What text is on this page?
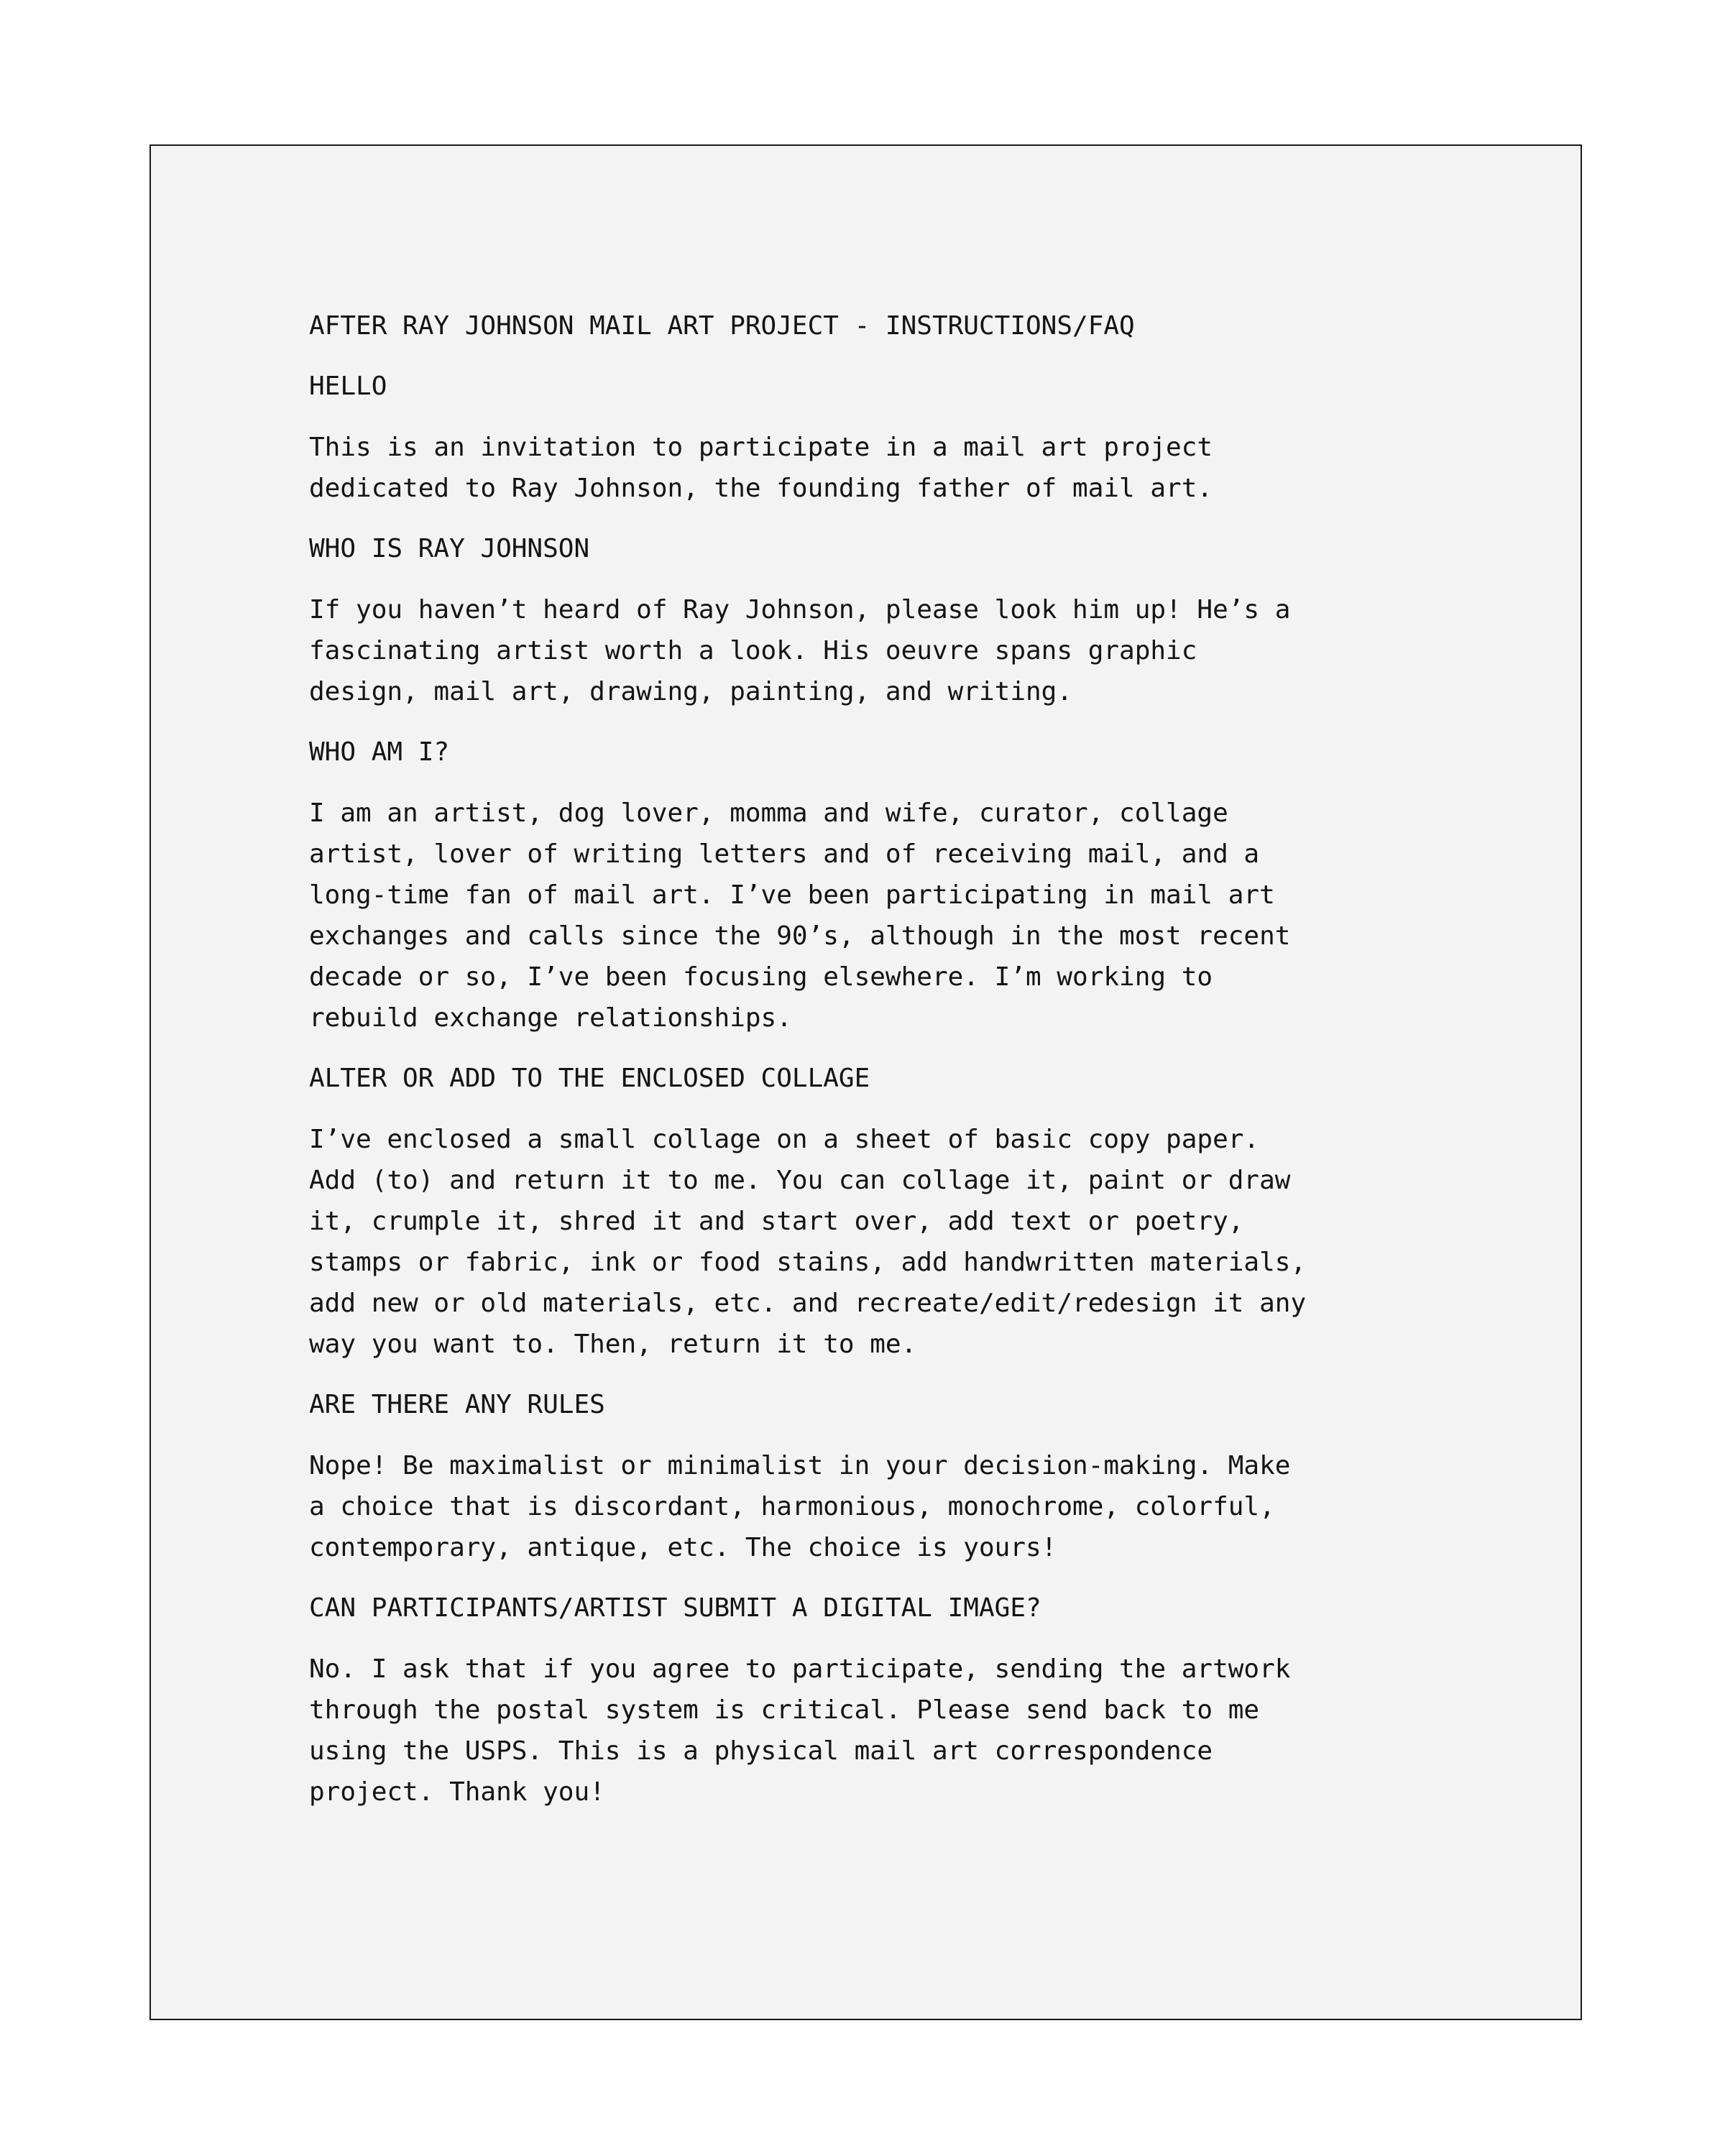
AFTER RAY JOHNSON MAIL ART PROJECT - INSTRUCTIONS/FAQ
HELLO

This is an invitation to participate in a mail art project
dedicated to Ray Johnson, the founding father of mail art.

WHO IS RAY JOHNSON

If you haven’t heard of Ray Johnson, please look him up! He’s a
fascinating artist worth a look. His oeuvre spans graphic
design, mail art, drawing, painting, and writing.

WHO AM I?

I am an artist, dog lover, momma and wife, curator, collage
artist, lover of writing letters and of receiving mail, and a
long-time fan of mail art. I’ve been participating in mail art
exchanges and calls since the 90’s, although in the most recent
decade or so, I’ve been focusing elsewhere. I’m working to
rebuild exchange relationships.

ALTER OR ADD TO THE ENCLOSED COLLAGE

I’ve enclosed a small collage on a sheet of basic copy paper.
Add (to) and return it to me. You can collage it, paint or draw
it, crumple it, shred it and start over, add text or poetry,
stamps or fabric, ink or food stains, add handwritten materials,
add new or old materials, etc. and recreate/edit/redesign it any
way you want to. Then, return it to me.

ARE THERE ANY RULES

Nope! Be maximalist or minimalist in your decision-making. Make
a choice that is discordant, harmonious, monochrome, colorful,
contemporary, antique, etc. The choice is yours!

CAN PARTICIPANTS/ARTIST SUBMIT A DIGITAL IMAGE?

No. I ask that if you agree to participate, sending the artwork
through the postal system is critical. Please send back to me
using the USPS. This is a physical mail art correspondence
project. Thank you!
